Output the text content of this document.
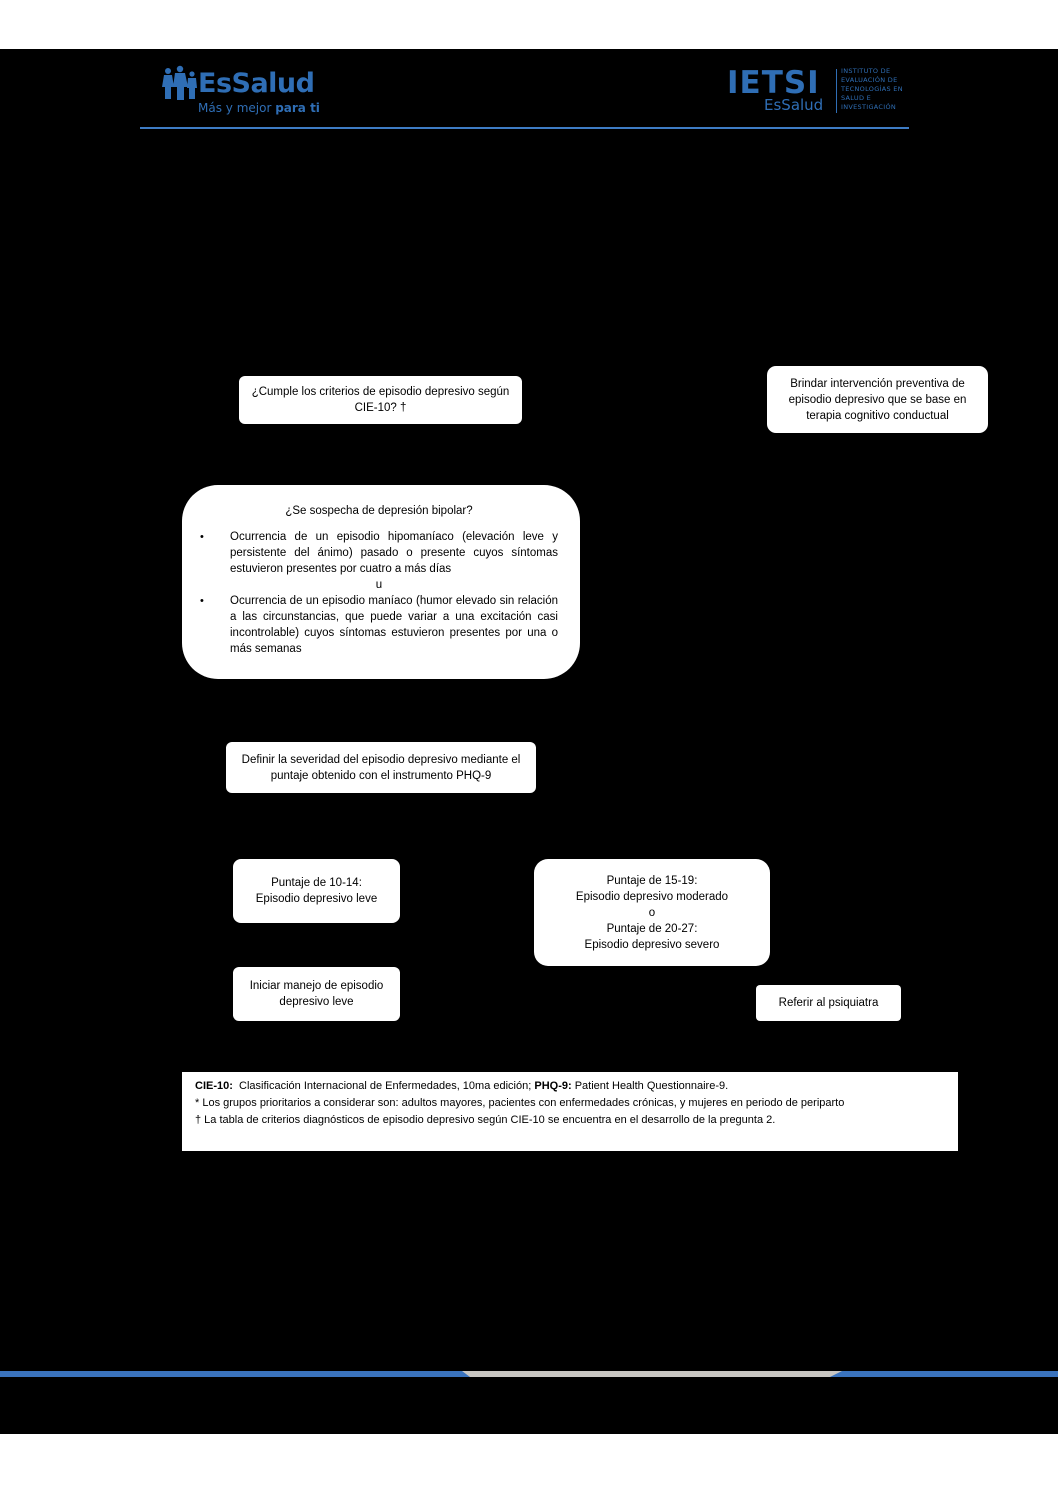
EsSalud
Más y mejor para ti
IETSI
EsSalud
INSTITUTO DE
EVALUACIÓN DE
TECNOLOGÍAS EN
SALUD E
INVESTIGACIÓN
¿Cumple los criterios de episodio depresivo según
CIE-10? †
Brindar intervención preventiva de
episodio depresivo que se base en
terapia cognitivo conductual
¿Se sospecha de depresión bipolar?
• Ocurrencia de un episodio hipomaníaco (elevación leve y persistente del ánimo) pasado o presente cuyos síntomas estuvieron presentes por cuatro a más días
u
• Ocurrencia de un episodio maníaco (humor elevado sin relación a las circunstancias, que puede variar a una excitación casi incontrolable) cuyos síntomas estuvieron presentes por una o más semanas
Definir la severidad del episodio depresivo mediante el
puntaje obtenido con el instrumento PHQ-9
Puntaje de 10-14:
Episodio depresivo leve
Puntaje de 15-19:
Episodio depresivo moderado
o
Puntaje de 20-27:
Episodio depresivo severo
Iniciar manejo de episodio
depresivo leve	Referir al psiquiatra
CIE-10:  Clasificación Internacional de Enfermedades, 10ma edición; PHQ-9: Patient Health Questionnaire-9.
* Los grupos prioritarios a considerar son: adultos mayores, pacientes con enfermedades crónicas, y mujeres en periodo de periparto
† La tabla de criterios diagnósticos de episodio depresivo según CIE-10 se encuentra en el desarrollo de la pregunta 2.
